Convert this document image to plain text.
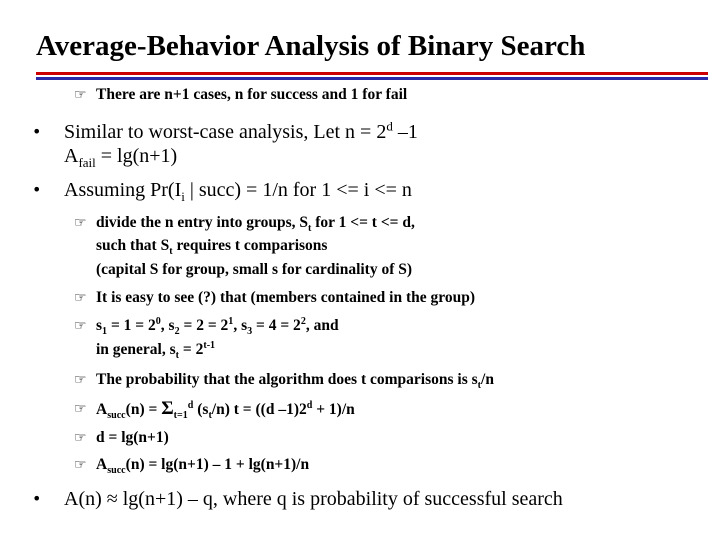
Average-Behavior Analysis of Binary Search
☞ There are n+1 cases, n for success and 1 for fail
• Similar to worst-case analysis, Let $n = 2^d$ –1
$A_{fail} = \lg(n+1)$
• Assuming $Pr(I_i$ | succ) = 1/n for 1 <= i <= n
☞ divide the n entry into groups, $S_t$ for 1 <= t <= d,
such that $S_t$ requires t comparisons
(capital S for group, small s for cardinality of S)
☞ It is easy to see (?) that (members contained in the group)
☞ $s_1 = 1 = 2^0$, $s_2 = 2 = 2^1$, $s_3 = 4 = 2^2$, and
in general, $s_t = 2^{t-1}$
☞ The probability that the algorithm does t comparisons is $s_t/n$
☞ $A_{succ}(n) = \Sigma_{t=1}^d$ $(s_t/n) t = ((d$ $-1)2^d + 1)/n$
☞ d = lg(n+1)
☞ $A_{succ}(n) = \lg(n+1) - 1 + \lg(n+1)/n$
• A(n) ≈ lg(n+1) – q, where q is probability of successful search
